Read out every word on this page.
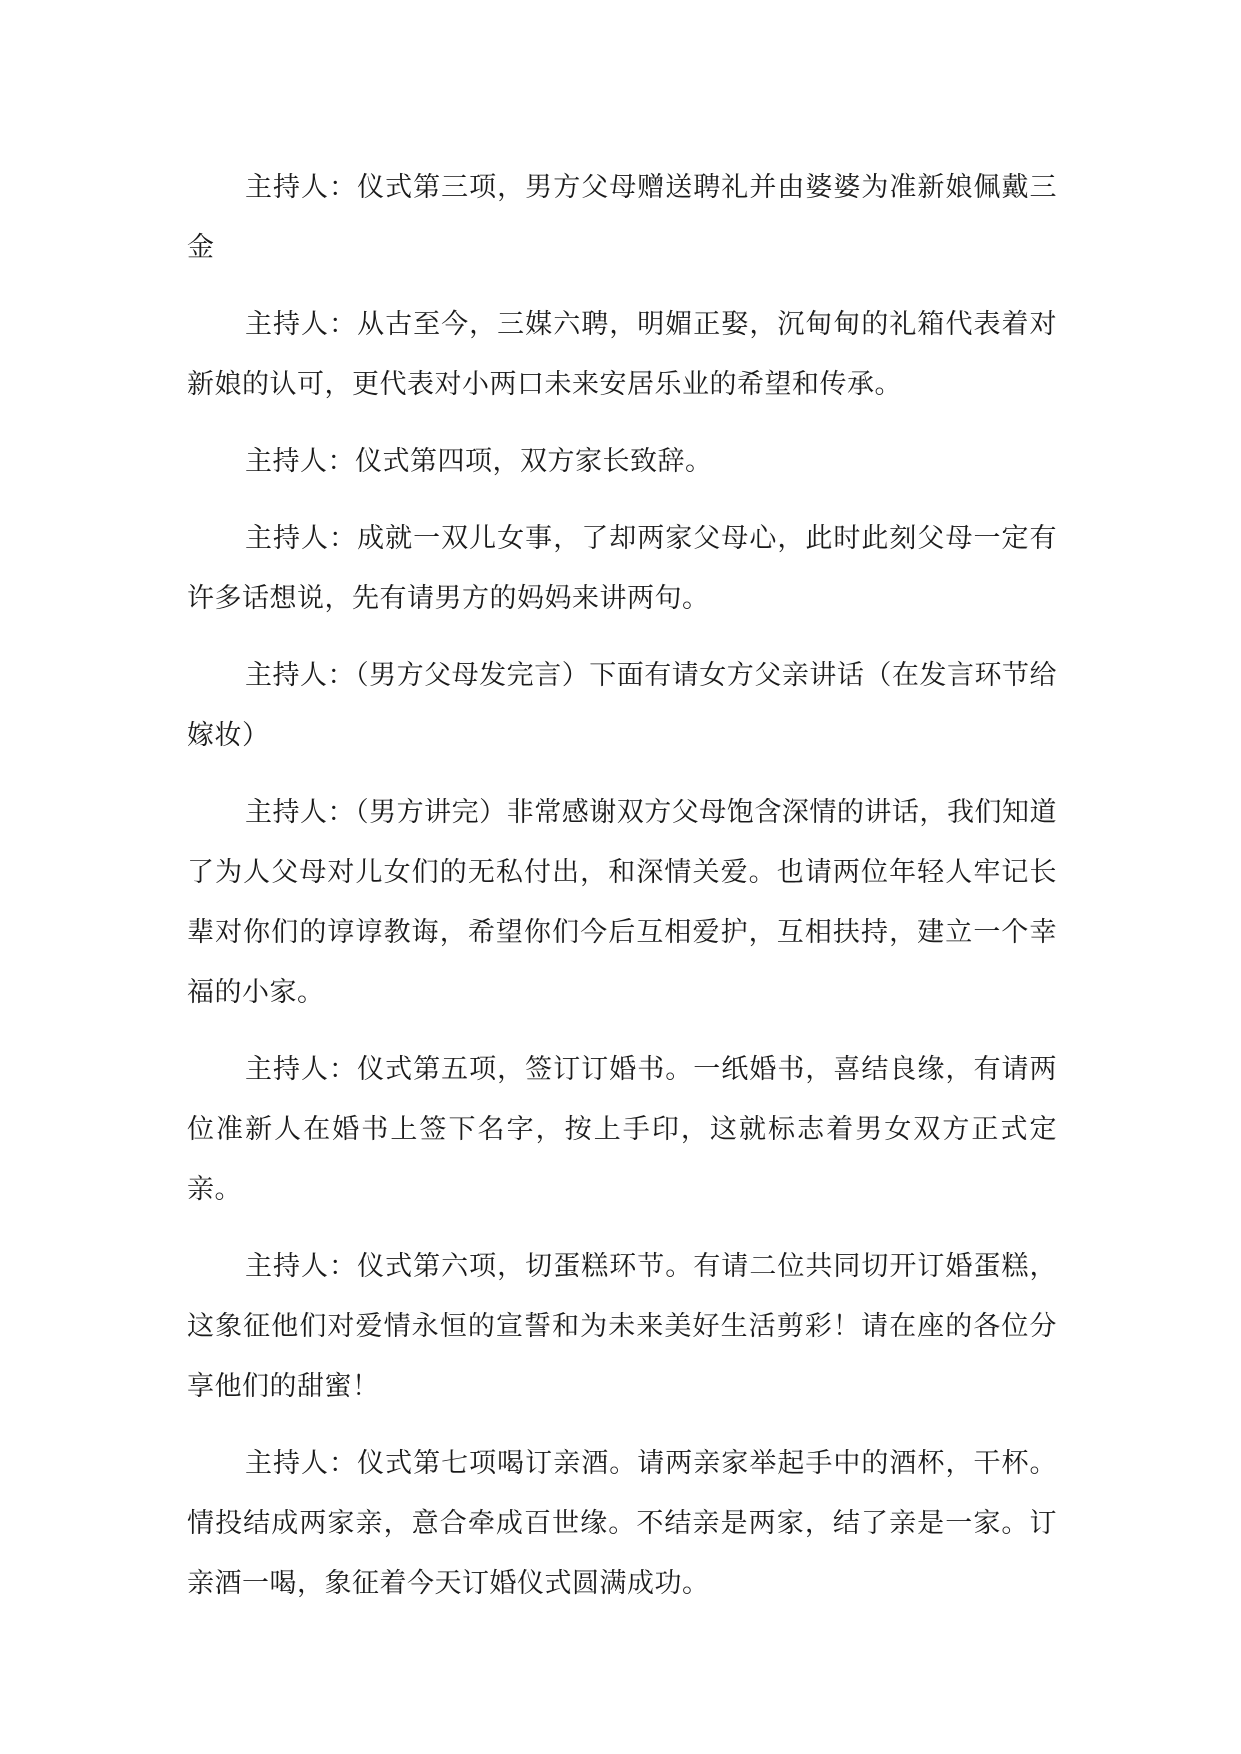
主持人：仪式第三项，男方父母赠送聘礼并由婆婆为准新娘佩戴三金

主持人：从古至今，三媒六聘，明媚正娶，沉甸甸的礼箱代表着对新娘的认可，更代表对小两口未来安居乐业的希望和传承。

主持人：仪式第四项，双方家长致辞。

主持人：成就一双儿女事，了却两家父母心，此时此刻父母一定有许多话想说，先有请男方的妈妈来讲两句。

主持人：（男方父母发完言）下面有请女方父亲讲话（在发言环节给嫁妆）

主持人：（男方讲完）非常感谢双方父母饱含深情的讲话，我们知道了为人父母对儿女们的无私付出，和深情关爱。也请两位年轻人牢记长辈对你们的谆谆教诲，希望你们今后互相爱护，互相扶持，建立一个幸福的小家。

主持人：仪式第五项，签订订婚书。一纸婚书，喜结良缘，有请两位准新人在婚书上签下名字，按上手印，这就标志着男女双方正式定亲。

主持人：仪式第六项，切蛋糕环节。有请二位共同切开订婚蛋糕，这象征他们对爱情永恒的宣誓和为未来美好生活剪彩！请在座的各位分享他们的甜蜜！

主持人：仪式第七项喝订亲酒。请两亲家举起手中的酒杯，干杯。情投结成两家亲，意合牵成百世缘。不结亲是两家，结了亲是一家。订亲酒一喝，象征着今天订婚仪式圆满成功。
